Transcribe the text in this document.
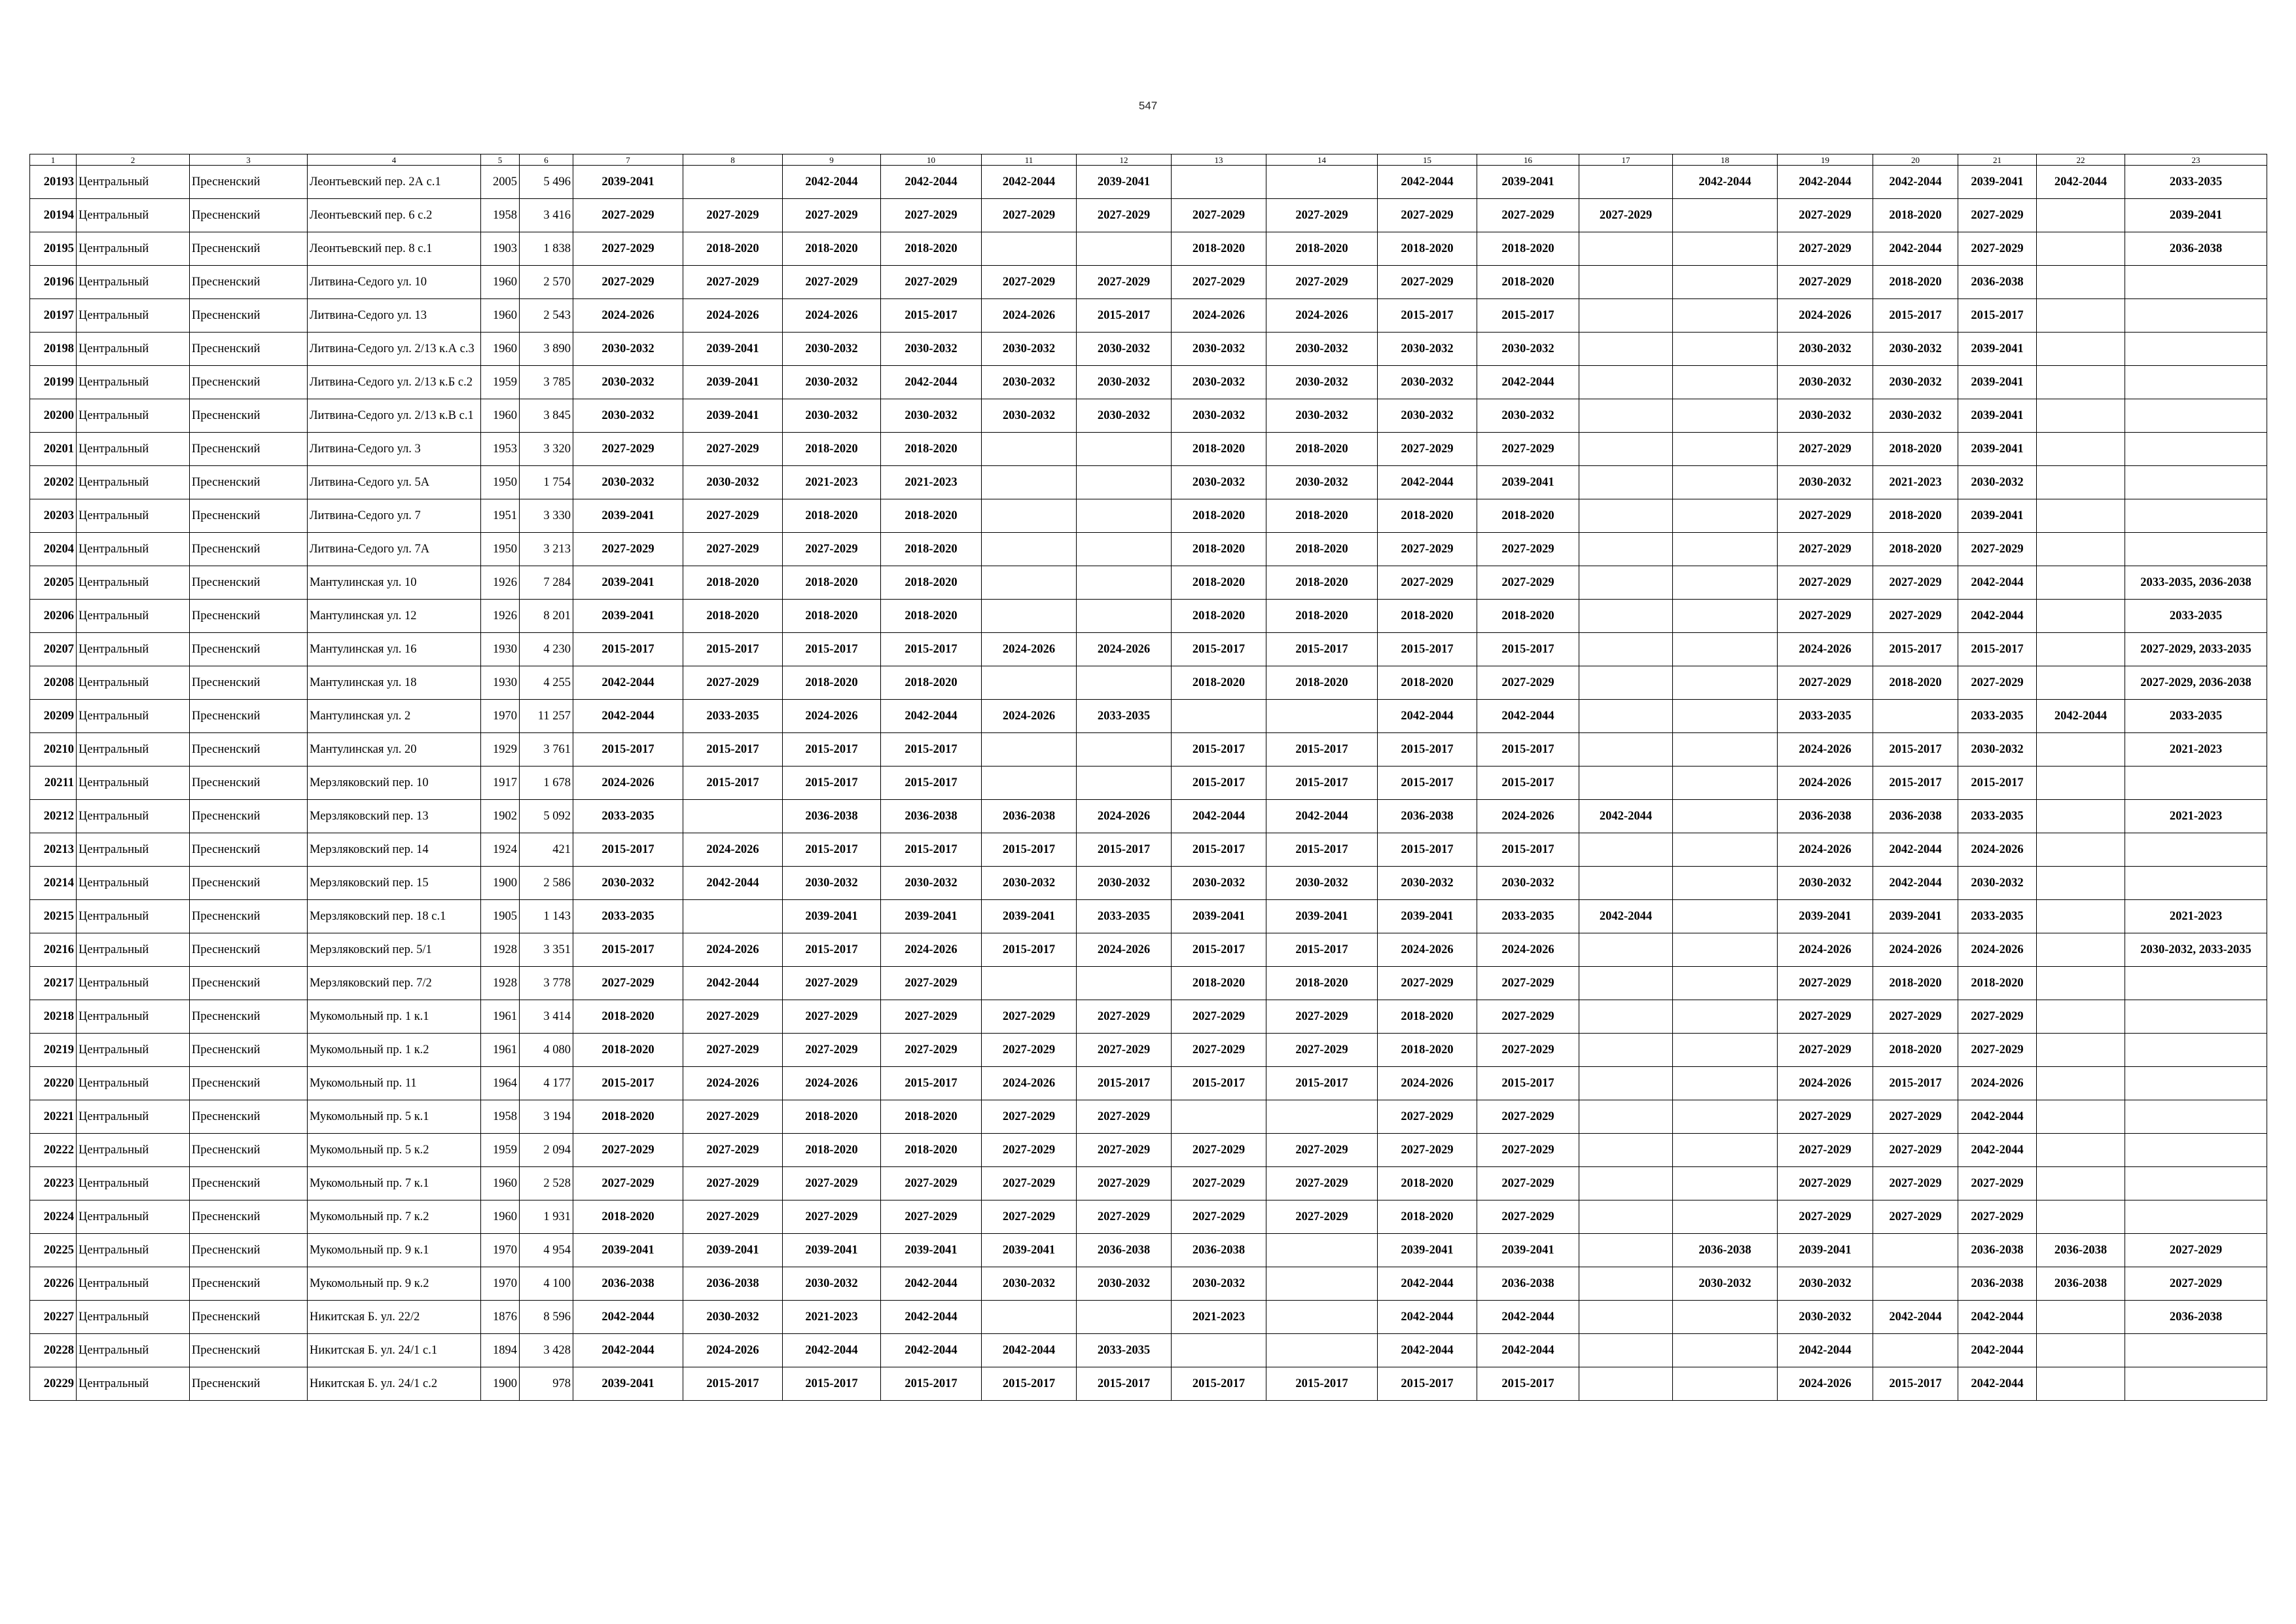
547
1	2	3	4	5	6	7	8	9	10	11	12	13	14	15	16	17	18	19	20	21	22	23
20193	Центральный	Пресненский	Леонтьевский пер. 2А с.1	2005	5 496	2039-2041		2042-2044	2042-2044	2042-2044	2039-2041			2042-2044	2039-2041		2042-2044	2042-2044	2042-2044	2039-2041	2042-2044	2033-2035
20194	Центральный	Пресненский	Леонтьевский пер. 6 с.2	1958	3 416	2027-2029	2027-2029	2027-2029	2027-2029	2027-2029	2027-2029	2027-2029	2027-2029	2027-2029	2027-2029	2027-2029		2027-2029	2018-2020	2027-2029		2039-2041
20195	Центральный	Пресненский	Леонтьевский пер. 8 с.1	1903	1 838	2027-2029	2018-2020	2018-2020	2018-2020			2018-2020	2018-2020	2018-2020	2018-2020			2027-2029	2042-2044	2027-2029		2036-2038
20196	Центральный	Пресненский	Литвина-Седого ул. 10	1960	2 570	2027-2029	2027-2029	2027-2029	2027-2029	2027-2029	2027-2029	2027-2029	2027-2029	2027-2029	2018-2020			2027-2029	2018-2020	2036-2038		
20197	Центральный	Пресненский	Литвина-Седого ул. 13	1960	2 543	2024-2026	2024-2026	2024-2026	2015-2017	2024-2026	2015-2017	2024-2026	2024-2026	2015-2017	2015-2017			2024-2026	2015-2017	2015-2017		
20198	Центральный	Пресненский	Литвина-Седого ул. 2/13 к.А с.3	1960	3 890	2030-2032	2039-2041	2030-2032	2030-2032	2030-2032	2030-2032	2030-2032	2030-2032	2030-2032	2030-2032			2030-2032	2030-2032	2039-2041		
20199	Центральный	Пресненский	Литвина-Седого ул. 2/13 к.Б с.2	1959	3 785	2030-2032	2039-2041	2030-2032	2042-2044	2030-2032	2030-2032	2030-2032	2030-2032	2030-2032	2042-2044			2030-2032	2030-2032	2039-2041		
20200	Центральный	Пресненский	Литвина-Седого ул. 2/13 к.В с.1	1960	3 845	2030-2032	2039-2041	2030-2032	2030-2032	2030-2032	2030-2032	2030-2032	2030-2032	2030-2032	2030-2032			2030-2032	2030-2032	2039-2041		
20201	Центральный	Пресненский	Литвина-Седого ул. 3	1953	3 320	2027-2029	2027-2029	2018-2020	2018-2020			2018-2020	2018-2020	2027-2029	2027-2029			2027-2029	2018-2020	2039-2041		
20202	Центральный	Пресненский	Литвина-Седого ул. 5А	1950	1 754	2030-2032	2030-2032	2021-2023	2021-2023			2030-2032	2030-2032	2042-2044	2039-2041			2030-2032	2021-2023	2030-2032		
20203	Центральный	Пресненский	Литвина-Седого ул. 7	1951	3 330	2039-2041	2027-2029	2018-2020	2018-2020			2018-2020	2018-2020	2018-2020	2018-2020			2027-2029	2018-2020	2039-2041		
20204	Центральный	Пресненский	Литвина-Седого ул. 7А	1950	3 213	2027-2029	2027-2029	2027-2029	2018-2020			2018-2020	2018-2020	2027-2029	2027-2029			2027-2029	2018-2020	2027-2029		
20205	Центральный	Пресненский	Мантулинская ул. 10	1926	7 284	2039-2041	2018-2020	2018-2020	2018-2020			2018-2020	2018-2020	2027-2029	2027-2029			2027-2029	2027-2029	2042-2044		2033-2035, 2036-2038
20206	Центральный	Пресненский	Мантулинская ул. 12	1926	8 201	2039-2041	2018-2020	2018-2020	2018-2020			2018-2020	2018-2020	2018-2020	2018-2020			2027-2029	2027-2029	2042-2044		2033-2035
20207	Центральный	Пресненский	Мантулинская ул. 16	1930	4 230	2015-2017	2015-2017	2015-2017	2015-2017	2024-2026	2024-2026	2015-2017	2015-2017	2015-2017	2015-2017			2024-2026	2015-2017	2015-2017		2027-2029, 2033-2035
20208	Центральный	Пресненский	Мантулинская ул. 18	1930	4 255	2042-2044	2027-2029	2018-2020	2018-2020			2018-2020	2018-2020	2018-2020	2027-2029			2027-2029	2018-2020	2027-2029		2027-2029, 2036-2038
20209	Центральный	Пресненский	Мантулинская ул. 2	1970	11 257	2042-2044	2033-2035	2024-2026	2042-2044	2024-2026	2033-2035			2042-2044	2042-2044			2033-2035		2033-2035	2042-2044	2033-2035
20210	Центральный	Пресненский	Мантулинская ул. 20	1929	3 761	2015-2017	2015-2017	2015-2017	2015-2017			2015-2017	2015-2017	2015-2017	2015-2017			2024-2026	2015-2017	2030-2032		2021-2023
20211	Центральный	Пресненский	Мерзляковский пер. 10	1917	1 678	2024-2026	2015-2017	2015-2017	2015-2017			2015-2017	2015-2017	2015-2017	2015-2017			2024-2026	2015-2017	2015-2017		
20212	Центральный	Пресненский	Мерзляковский пер. 13	1902	5 092	2033-2035		2036-2038	2036-2038	2036-2038	2024-2026	2042-2044	2042-2044	2036-2038	2024-2026	2042-2044		2036-2038	2036-2038	2033-2035		2021-2023
20213	Центральный	Пресненский	Мерзляковский пер. 14	1924	421	2015-2017	2024-2026	2015-2017	2015-2017	2015-2017	2015-2017	2015-2017	2015-2017	2015-2017	2015-2017			2024-2026	2042-2044	2024-2026		
20214	Центральный	Пресненский	Мерзляковский пер. 15	1900	2 586	2030-2032	2042-2044	2030-2032	2030-2032	2030-2032	2030-2032	2030-2032	2030-2032	2030-2032	2030-2032			2030-2032	2042-2044	2030-2032		
20215	Центральный	Пресненский	Мерзляковский пер. 18 с.1	1905	1 143	2033-2035		2039-2041	2039-2041	2039-2041	2033-2035	2039-2041	2039-2041	2039-2041	2033-2035	2042-2044		2039-2041	2039-2041	2033-2035		2021-2023
20216	Центральный	Пресненский	Мерзляковский пер. 5/1	1928	3 351	2015-2017	2024-2026	2015-2017	2024-2026	2015-2017	2024-2026	2015-2017	2015-2017	2024-2026	2024-2026			2024-2026	2024-2026	2024-2026		2030-2032, 2033-2035
20217	Центральный	Пресненский	Мерзляковский пер. 7/2	1928	3 778	2027-2029	2042-2044	2027-2029	2027-2029			2018-2020	2018-2020	2027-2029	2027-2029			2027-2029	2018-2020	2018-2020		
20218	Центральный	Пресненский	Мукомольный пр. 1 к.1	1961	3 414	2018-2020	2027-2029	2027-2029	2027-2029	2027-2029	2027-2029	2027-2029	2027-2029	2018-2020	2027-2029			2027-2029	2027-2029	2027-2029		
20219	Центральный	Пресненский	Мукомольный пр. 1 к.2	1961	4 080	2018-2020	2027-2029	2027-2029	2027-2029	2027-2029	2027-2029	2027-2029	2027-2029	2018-2020	2027-2029			2027-2029	2018-2020	2027-2029		
20220	Центральный	Пресненский	Мукомольный пр. 11	1964	4 177	2015-2017	2024-2026	2024-2026	2015-2017	2024-2026	2015-2017	2015-2017	2015-2017	2024-2026	2015-2017			2024-2026	2015-2017	2024-2026		
20221	Центральный	Пресненский	Мукомольный пр. 5 к.1	1958	3 194	2018-2020	2027-2029	2018-2020	2018-2020	2027-2029	2027-2029			2027-2029	2027-2029			2027-2029	2027-2029	2042-2044		
20222	Центральный	Пресненский	Мукомольный пр. 5 к.2	1959	2 094	2027-2029	2027-2029	2018-2020	2018-2020	2027-2029	2027-2029	2027-2029	2027-2029	2027-2029	2027-2029			2027-2029	2027-2029	2042-2044		
20223	Центральный	Пресненский	Мукомольный пр. 7 к.1	1960	2 528	2027-2029	2027-2029	2027-2029	2027-2029	2027-2029	2027-2029	2027-2029	2027-2029	2018-2020	2027-2029			2027-2029	2027-2029	2027-2029		
20224	Центральный	Пресненский	Мукомольный пр. 7 к.2	1960	1 931	2018-2020	2027-2029	2027-2029	2027-2029	2027-2029	2027-2029	2027-2029	2027-2029	2018-2020	2027-2029			2027-2029	2027-2029	2027-2029		
20225	Центральный	Пресненский	Мукомольный пр. 9 к.1	1970	4 954	2039-2041	2039-2041	2039-2041	2039-2041	2039-2041	2036-2038	2036-2038		2039-2041	2039-2041		2036-2038	2039-2041		2036-2038	2036-2038	2027-2029
20226	Центральный	Пресненский	Мукомольный пр. 9 к.2	1970	4 100	2036-2038	2036-2038	2030-2032	2042-2044	2030-2032	2030-2032	2030-2032		2042-2044	2036-2038		2030-2032	2030-2032		2036-2038	2036-2038	2027-2029
20227	Центральный	Пресненский	Никитская Б. ул. 22/2	1876	8 596	2042-2044	2030-2032	2021-2023	2042-2044			2021-2023		2042-2044	2042-2044			2030-2032	2042-2044	2042-2044		2036-2038
20228	Центральный	Пресненский	Никитская Б. ул. 24/1 с.1	1894	3 428	2042-2044	2024-2026	2042-2044	2042-2044	2042-2044	2033-2035			2042-2044	2042-2044			2042-2044		2042-2044		
20229	Центральный	Пресненский	Никитская Б. ул. 24/1 с.2	1900	978	2039-2041	2015-2017	2015-2017	2015-2017	2015-2017	2015-2017	2015-2017	2015-2017	2015-2017	2015-2017			2024-2026	2015-2017	2042-2044		
